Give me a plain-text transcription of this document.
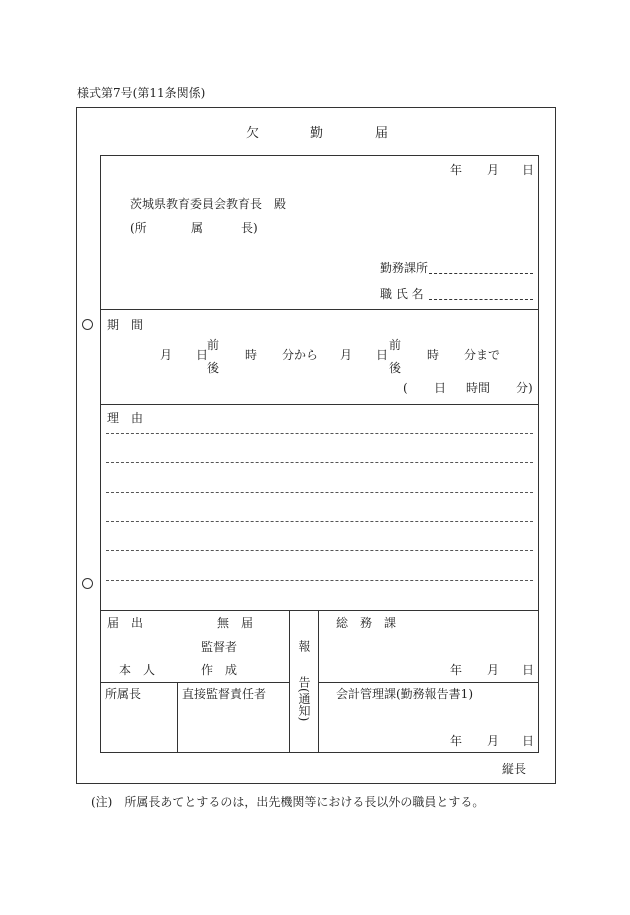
様式第7号(第11条関係)
欠	勤	届
年 月 日
茨城県教育委員会教育長　殿
(所	属	長)
勤務課所
職 氏 名
期　間
前
月 日	時 分から
後
前
月 日	時 分まで
後
( 日 時間 分)
理　由
届　出	無　届
監督者
本　人	作　成
所属長	直接監督責任者
報
告(通知)
総　務　課
年 月 日
会計管理課(勤務報告書1)
年 月 日
縦長
(注)　所属長あてとするのは，出先機関等における長以外の職員とする。
